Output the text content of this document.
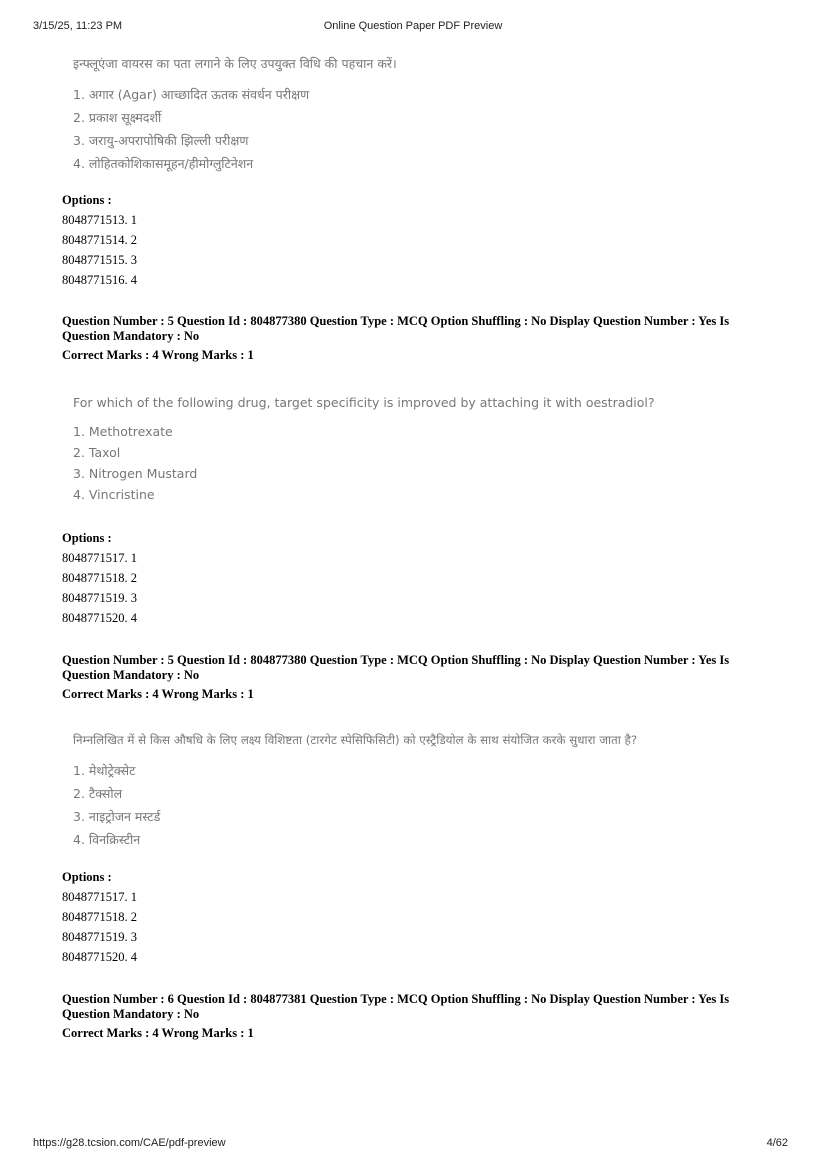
3/15/25, 11:23 PM	Online Question Paper PDF Preview
इन्फ्लूएंजा वायरस का पता लगाने के लिए उपयुक्त विधि की पहचान करें।
1. अगार (Agar) आच्छादित ऊतक संवर्धन परीक्षण
2. प्रकाश सूक्ष्मदर्शी
3. जरायु-अपरापोषिकी झिल्ली परीक्षण
4. लोहितकोशिकासमूहन/हीमोग्लुटिनेशन
Options :
8048771513. 1
8048771514. 2
8048771515. 3
8048771516. 4
Question Number : 5 Question Id : 804877380 Question Type : MCQ Option Shuffling : No Display Question Number : Yes Is Question Mandatory : No
Correct Marks : 4 Wrong Marks : 1
For which of the following drug, target specificity is improved by attaching it with oestradiol?
1. Methotrexate
2. Taxol
3. Nitrogen Mustard
4. Vincristine
Options :
8048771517. 1
8048771518. 2
8048771519. 3
8048771520. 4
Question Number : 5 Question Id : 804877380 Question Type : MCQ Option Shuffling : No Display Question Number : Yes Is Question Mandatory : No
Correct Marks : 4 Wrong Marks : 1
निम्नलिखित में से किस औषधि के लिए लक्ष्य विशिष्टता (टारगेट स्पेसिफिसिटी) को एस्ट्रैडियोल के साथ संयोजित करके सुधारा जाता है?
1. मेथोट्रेक्सेट
2. टैक्सोल
3. नाइट्रोजन मस्टर्ड
4. विनक्रिस्टीन
Options :
8048771517. 1
8048771518. 2
8048771519. 3
8048771520. 4
Question Number : 6 Question Id : 804877381 Question Type : MCQ Option Shuffling : No Display Question Number : Yes Is Question Mandatory : No
Correct Marks : 4 Wrong Marks : 1
https://g28.tcsion.com/CAE/pdf-preview	4/62
